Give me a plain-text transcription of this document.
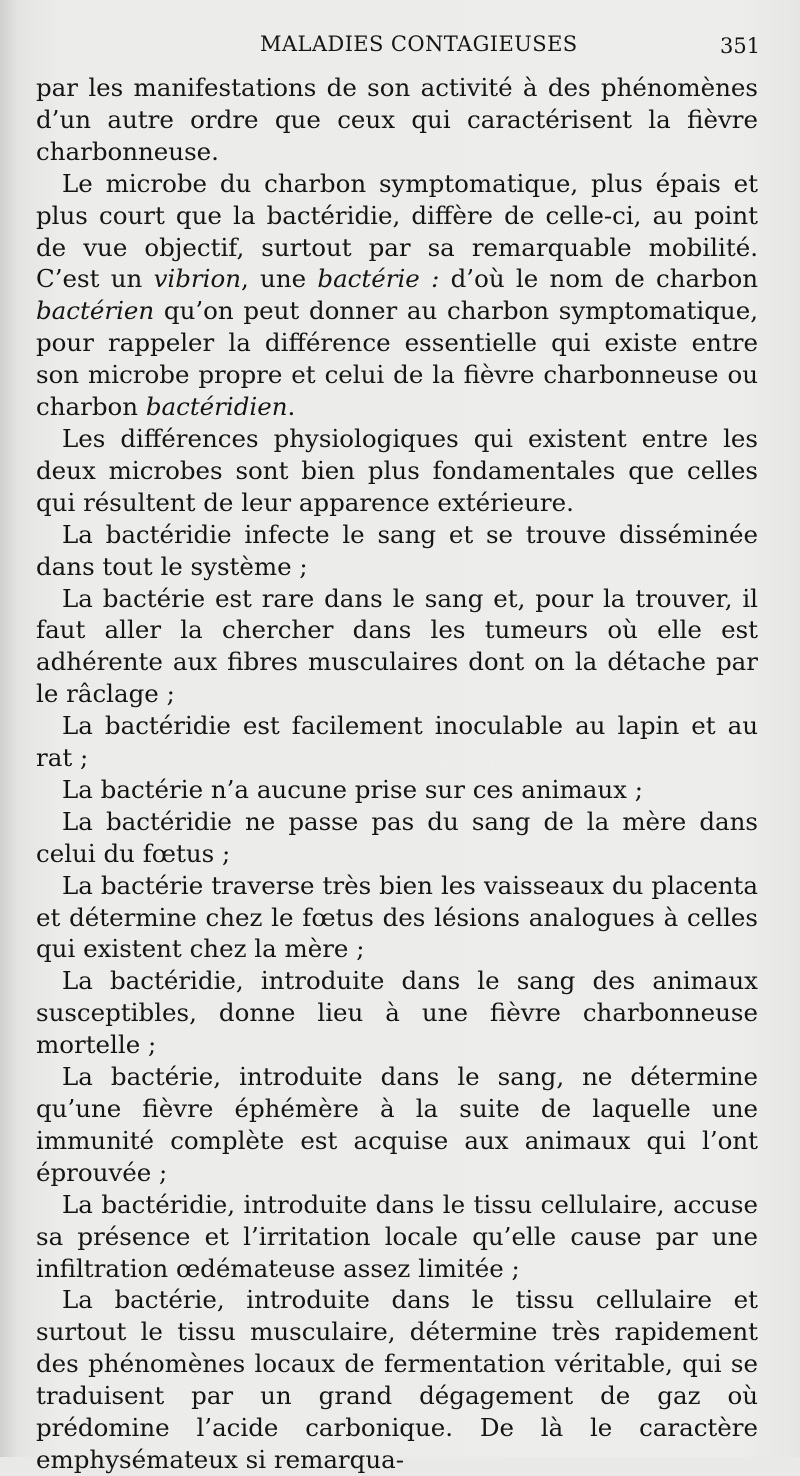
MALADIES CONTAGIEUSES	351

par les manifestations de son activité à des phénomènes d’un autre ordre que ceux qui caractérisent la fièvre charbonneuse.

Le microbe du charbon symptomatique, plus épais et plus court que la bactéridie, diffère de celle-ci, au point de vue objectif, surtout par sa remarquable mobilité. C’est un vibrion, une bactérie : d’où le nom de charbon bactérien qu’on peut donner au charbon symptomatique, pour rappeler la différence essentielle qui existe entre son microbe propre et celui de la fièvre charbonneuse ou charbon bactéridien.

Les différences physiologiques qui existent entre les deux microbes sont bien plus fondamentales que celles qui résultent de leur apparence extérieure.

La bactéridie infecte le sang et se trouve disséminée dans tout le système ;

La bactérie est rare dans le sang et, pour la trouver, il faut aller la chercher dans les tumeurs où elle est adhérente aux fibres musculaires dont on la détache par le râclage ;

La bactéridie est facilement inoculable au lapin et au rat ;

La bactérie n’a aucune prise sur ces animaux ;

La bactéridie ne passe pas du sang de la mère dans celui du fœtus ;

La bactérie traverse très bien les vaisseaux du placenta et détermine chez le fœtus des lésions analogues à celles qui existent chez la mère ;

La bactéridie, introduite dans le sang des animaux susceptibles, donne lieu à une fièvre charbonneuse mortelle ;

La bactérie, introduite dans le sang, ne détermine qu’une fièvre éphémère à la suite de laquelle une immunité complète est acquise aux animaux qui l’ont éprouvée ;

La bactéridie, introduite dans le tissu cellulaire, accuse sa présence et l’irritation locale qu’elle cause par une infiltration œdémateuse assez limitée ;

La bactérie, introduite dans le tissu cellulaire et surtout le tissu musculaire, détermine très rapidement des phénomènes locaux de fermentation véritable, qui se traduisent par un grand dégagement de gaz où prédomine l’acide carbonique. De là le caractère emphysémateux si remarqua-
